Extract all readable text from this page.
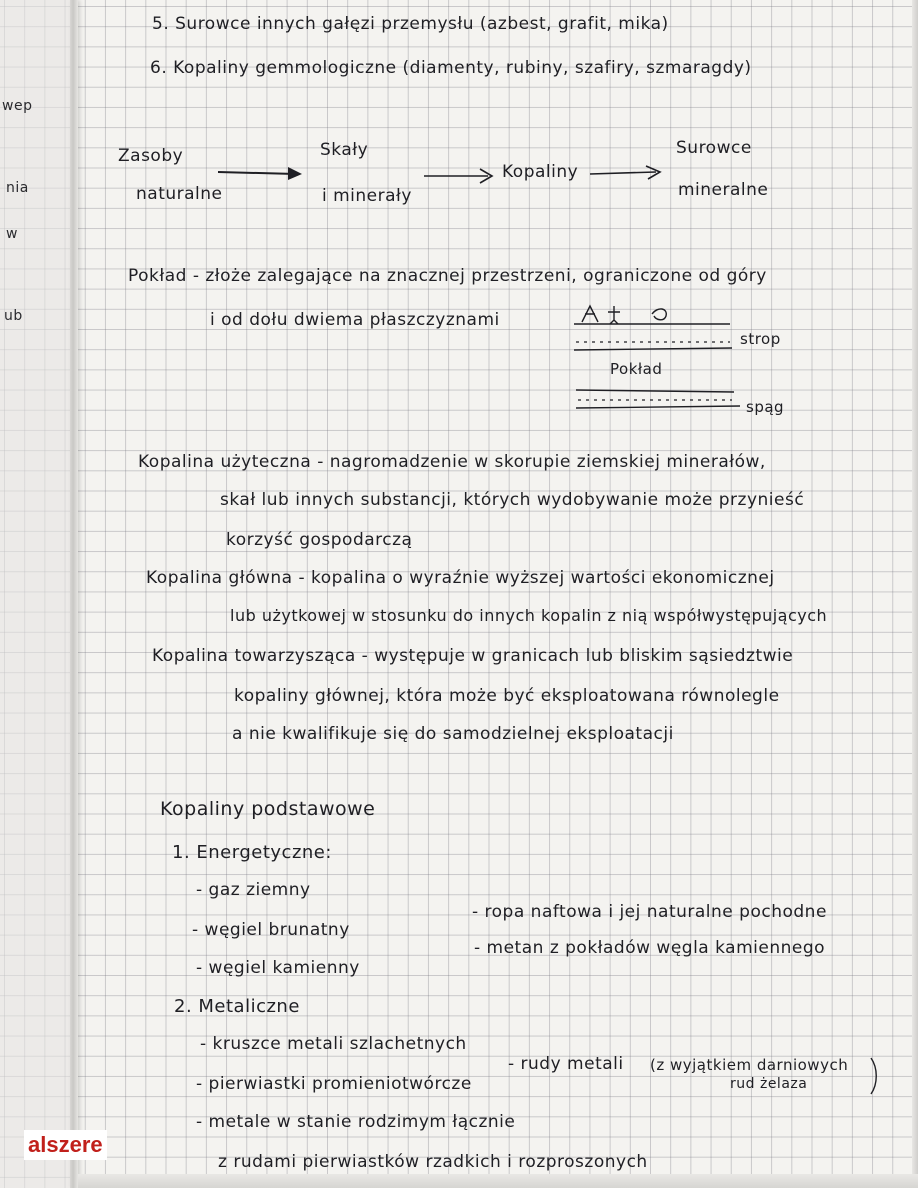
wep
nia
w
ub
5. Surowce innych gałęzi przemysłu (azbest, grafit, mika)
6. Kopaliny gemmologiczne (diamenty, rubiny, szafiry, szmaragdy)
Zasoby
naturalne
Skały
i minerały
Kopaliny
Surowce
mineralne
Pokład - złoże zalegające na znacznej przestrzeni, ograniczone od góry
i od dołu dwiema płaszczyznami
strop
Pokład
spąg
Kopalina użyteczna - nagromadzenie w skorupie ziemskiej minerałów,
skał lub innych substancji, których wydobywanie może przynieść
korzyść gospodarczą
Kopalina główna - kopalina o wyraźnie wyższej wartości ekonomicznej
lub użytkowej w stosunku do innych kopalin z nią współwystępujących
Kopalina towarzysząca - występuje w granicach lub bliskim sąsiedztwie
kopaliny głównej, która może być eksploatowana równolegle
a nie kwalifikuje się do samodzielnej eksploatacji
Kopaliny podstawowe
1. Energetyczne:
- gaz ziemny
- węgiel brunatny
- węgiel kamienny
- ropa naftowa i jej naturalne pochodne
- metan z pokładów węgla kamiennego
2. Metaliczne
- kruszce metali szlachetnych
- pierwiastki promieniotwórcze
- metale w stanie rodzimym łącznie
z rudami pierwiastków rzadkich i rozproszonych
- rudy metali (z wyjątkiem darniowych
rud żelaza
alszere
